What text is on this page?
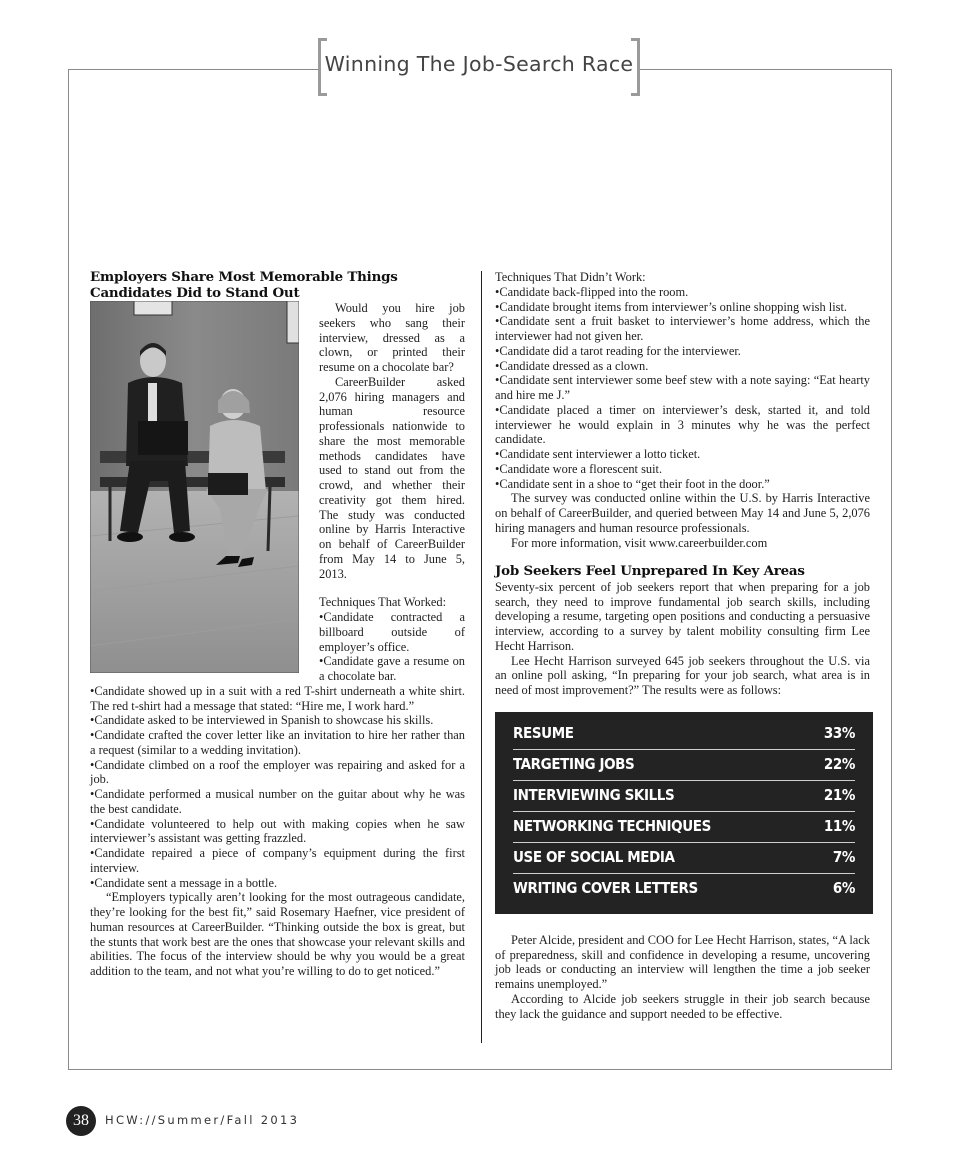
Winning The Job-Search Race
Employers Share Most Memorable Things Candidates Did to Stand Out

Would you hire job seekers who sang their interview, dressed as a clown, or printed their resume on a chocolate bar?

CareerBuilder asked 2,076 hiring managers and human resource professionals nationwide to share the most memorable methods candidates have used to stand out from the crowd, and whether their creativity got them hired. The study was conducted online by Harris Interactive on behalf of CareerBuilder from May 14 to June 5, 2013.

Techniques That Worked:

•Candidate contracted a billboard outside of employer’s office.

•Candidate gave a resume on a chocolate bar.

•Candidate showed up in a suit with a red T-shirt underneath a white shirt. The red t-shirt had a message that stated: “Hire me, I work hard.”

•Candidate asked to be interviewed in Spanish to showcase his skills.

•Candidate crafted the cover letter like an invitation to hire her rather than a request (similar to a wedding invitation).

•Candidate climbed on a roof the employer was repairing and asked for a job.

•Candidate performed a musical number on the guitar about why he was the best candidate.

•Candidate volunteered to help out with making copies when he saw interviewer’s assistant was getting frazzled.

•Candidate repaired a piece of company’s equipment during the first interview.

•Candidate sent a message in a bottle.

“Employers typically aren’t looking for the most outrageous candidate, they’re looking for the best fit,” said Rosemary Haefner, vice president of human resources at CareerBuilder. “Thinking outside the box is great, but the stunts that work best are the ones that showcase your relevant skills and abilities. The focus of the interview should be why you would be a great addition to the team, and not what you’re willing to do to get noticed.”

Techniques That Didn’t Work:

•Candidate back-flipped into the room.

•Candidate brought items from interviewer’s online shopping wish list.

•Candidate sent a fruit basket to interviewer’s home address, which the interviewer had not given her.

•Candidate did a tarot reading for the interviewer.

•Candidate dressed as a clown.

•Candidate sent interviewer some beef stew with a note saying: “Eat hearty and hire me J.”

•Candidate placed a timer on interviewer’s desk, started it, and told interviewer he would explain in 3 minutes why he was the perfect candidate.

•Candidate sent interviewer a lotto ticket.

•Candidate wore a florescent suit.

•Candidate sent in a shoe to “get their foot in the door.”

The survey was conducted online within the U.S. by Harris Interactive on behalf of CareerBuilder, and queried between May 14 and June 5, 2,076 hiring managers and human resource professionals.

For more information, visit www.careerbuilder.com

Job Seekers Feel Unprepared In Key Areas

Seventy-six percent of job seekers report that when preparing for a job search, they need to improve fundamental job search skills, including developing a resume, targeting open positions and conducting a persuasive interview, according to a survey by talent mobility consulting firm Lee Hecht Harrison.

Lee Hecht Harrison surveyed 645 job seekers throughout the U.S. via an online poll asking, “In preparing for your job search, what area is in need of most improvement?” The results were as follows:

RESUME	33%
TARGETING JOBS	22%
INTERVIEWING SKILLS	21%
NETWORKING TECHNIQUES	11%
USE OF SOCIAL MEDIA	7%
WRITING COVER LETTERS	6%

Peter Alcide, president and COO for Lee Hecht Harrison, states, “A lack of preparedness, skill and confidence in developing a resume, uncovering job leads or conducting an interview will lengthen the time a job seeker remains unemployed.”

According to Alcide job seekers struggle in their job search because they lack the guidance and support needed to be effective.

38	HCW://Summer/Fall 2013
